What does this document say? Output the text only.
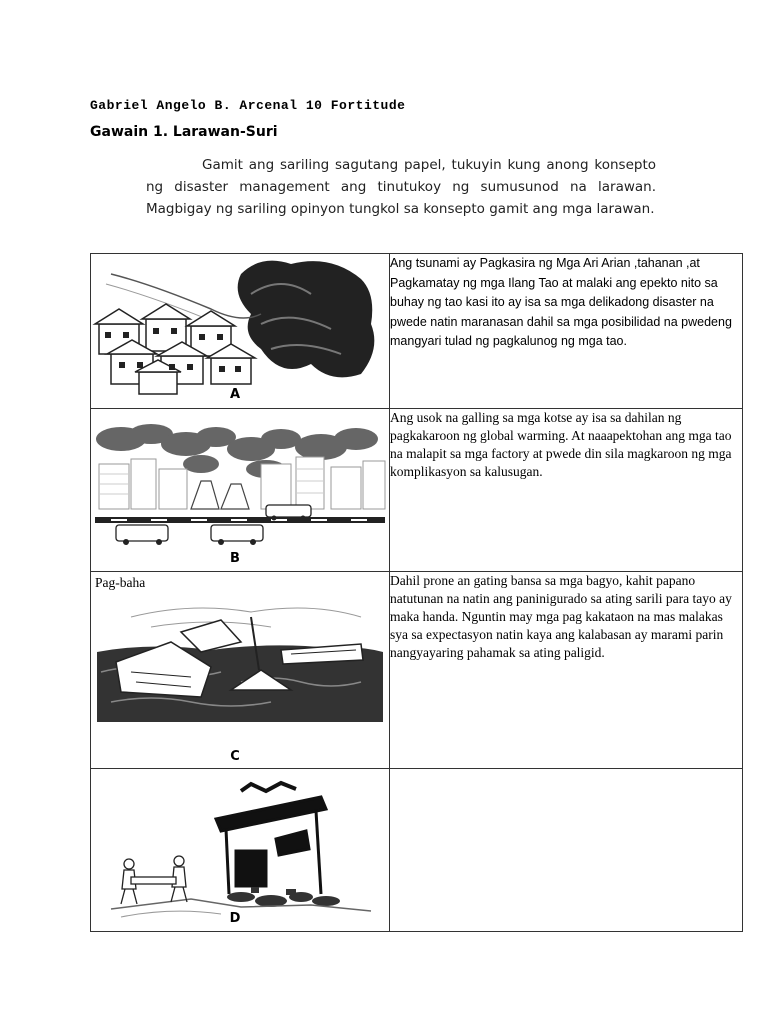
Gabriel Angelo B. Arcenal 10 Fortitude
Gawain 1. Larawan-Suri
Gamit ang sariling sagutang papel, tukuyin kung anong konsepto ng disaster management ang tinutukoy ng sumusunod na larawan. Magbigay ng sariling opinyon tungkol sa konsepto gamit ang mga larawan.
A	Ang tsunami ay Pagkasira ng Mga Ari Arian ,tahanan ,at Pagkamatay ng mga Ilang Tao at malaki ang epekto nito sa buhay ng tao kasi ito ay isa sa mga delikadong disaster na pwede natin maranasan dahil sa mga posibilidad na pwedeng mangyari tulad ng pagkalunog ng mga tao.

B	Ang usok na galling sa mga kotse ay isa sa dahilan ng pagkakaroon ng global warming. At naaapektohan ang mga tao na malapit sa mga factory at pwede din sila magkaroon ng mga komplikasyon sa kalusugan.

Pag-baha
C	Dahil prone an gating bansa sa mga bagyo, kahit papano natutunan na natin ang paninigurado sa ating sarili para tayo ay maka handa. Nguntin may mga pag kakataon na mas malakas sya sa expectasyon natin kaya ang kalabasan ay marami parin nangyayaring pahamak sa ating paligid.

D	
